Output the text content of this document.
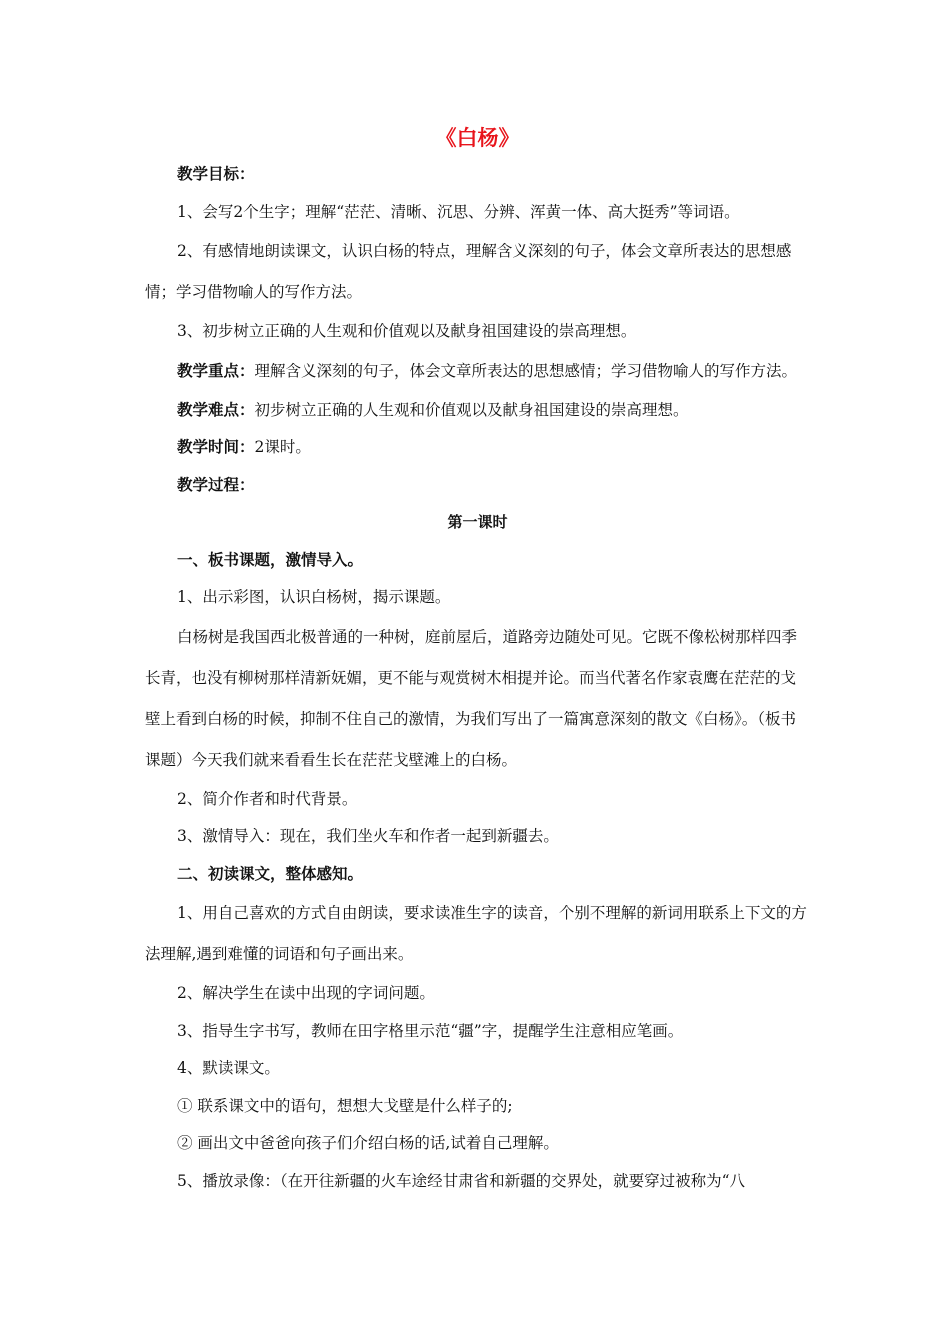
《白杨》

教学目标：

1、会写2个生字；理解“茫茫、清晰、沉思、分辨、浑黄一体、高大挺秀”等词语。

2、有感情地朗读课文，认识白杨的特点，理解含义深刻的句子，体会文章所表达的思想感情；学习借物喻人的写作方法。

3、初步树立正确的人生观和价值观以及献身祖国建设的崇高理想。

教学重点：理解含义深刻的句子，体会文章所表达的思想感情；学习借物喻人的写作方法。

教学难点：初步树立正确的人生观和价值观以及献身祖国建设的崇高理想。

教学时间：2课时。

教学过程：

第一课时

一、板书课题，激情导入。

1、出示彩图，认识白杨树，揭示课题。

白杨树是我国西北极普通的一种树，庭前屋后，道路旁边随处可见。它既不像松树那样四季长青，也没有柳树那样清新妩媚，更不能与观赏树木相提并论。而当代著名作家袁鹰在茫茫的戈壁上看到白杨的时候，抑制不住自己的激情，为我们写出了一篇寓意深刻的散文《白杨》。（板书课题）今天我们就来看看生长在茫茫戈壁滩上的白杨。

2、简介作者和时代背景。

3、激情导入：现在，我们坐火车和作者一起到新疆去。

二、初读课文，整体感知。

1、用自己喜欢的方式自由朗读，要求读准生字的读音，个别不理解的新词用联系上下文的方法理解,遇到难懂的词语和句子画出来。

2、解决学生在读中出现的字词问题。

3、指导生字书写，教师在田字格里示范“疆”字，提醒学生注意相应笔画。

4、默读课文。

① 联系课文中的语句，想想大戈壁是什么样子的;

② 画出文中爸爸向孩子们介绍白杨的话,试着自己理解。

5、播放录像：（在开往新疆的火车途经甘肃省和新疆的交界处，就要穿过被称为“八
